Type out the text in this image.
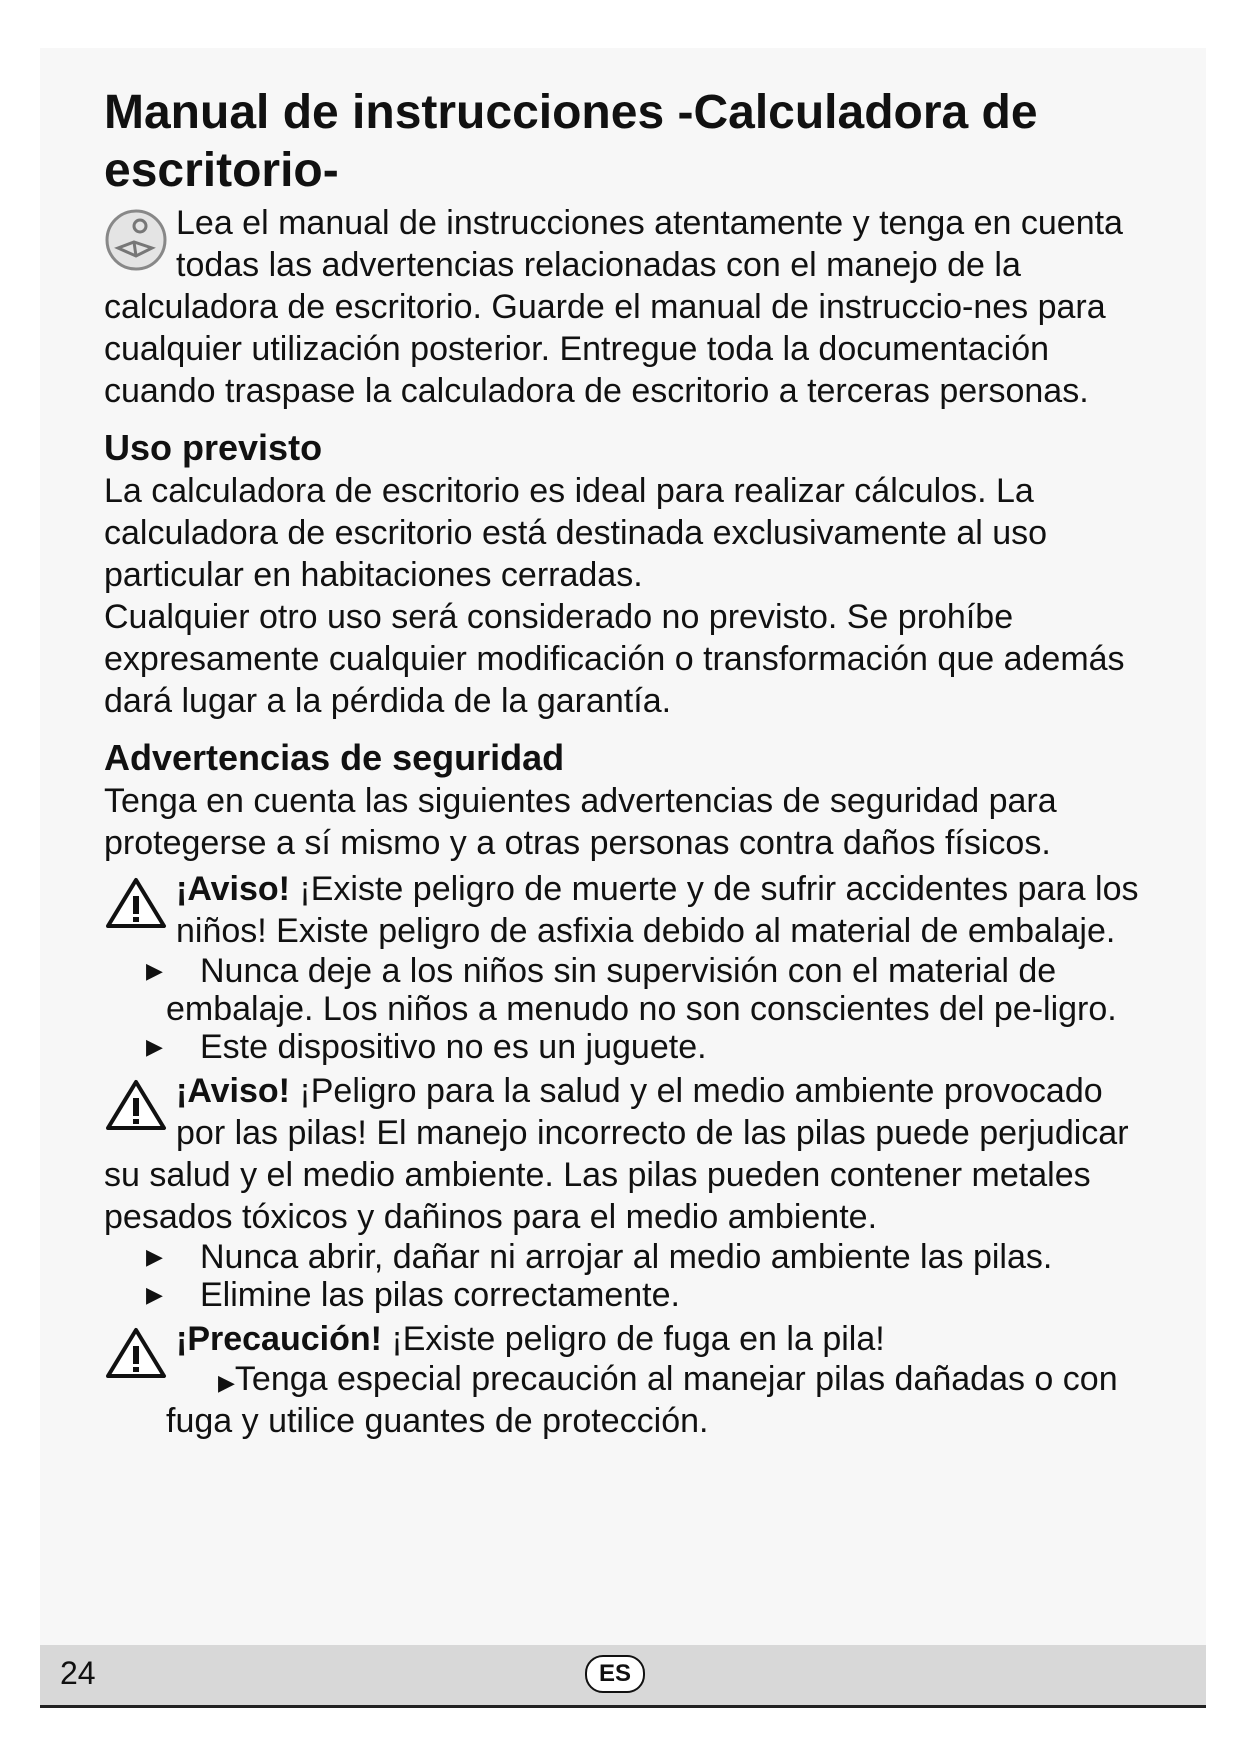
Manual de instrucciones -Calculadora de escritorio-

Lea el manual de instrucciones atentamente y tenga en cuenta todas las advertencias relacionadas con el manejo de la calculadora de escritorio. Guarde el manual de instruccio-nes para cualquier utilización posterior. Entregue toda la documentación cuando traspase la calculadora de escritorio a terceras personas.

Uso previsto

La calculadora de escritorio es ideal para realizar cálculos. La calculadora de escritorio está destinada exclusivamente al uso particular en habitaciones cerradas.

Cualquier otro uso será considerado no previsto. Se prohíbe expresamente cualquier modificación o transformación que además dará lugar a la pérdida de la garantía.

Advertencias de seguridad

Tenga en cuenta las siguientes advertencias de seguridad para protegerse a sí mismo y a otras personas contra daños físicos.

¡Aviso! ¡Existe peligro de muerte y de sufrir accidentes para los niños! Existe peligro de asfixia debido al material de embalaje.
▶	Nunca deje a los niños sin supervisión con el material de embalaje. Los niños a menudo no son conscientes del pe-ligro.
▶	Este dispositivo no es un juguete.
¡Aviso! ¡Peligro para la salud y el medio ambiente provocado por las pilas! El manejo incorrecto de las pilas puede perjudicar su salud y el medio ambiente. Las pilas pueden contener metales pesados tóxicos y dañinos para el medio ambiente.
▶	Nunca abrir, dañar ni arrojar al medio ambiente las pilas.
▶	Elimine las pilas correctamente.
¡Precaución! ¡Existe peligro de fuga en la pila!
▶Tenga especial precaución al manejar pilas dañadas o con fuga y utilice guantes de protección.
24	ES
